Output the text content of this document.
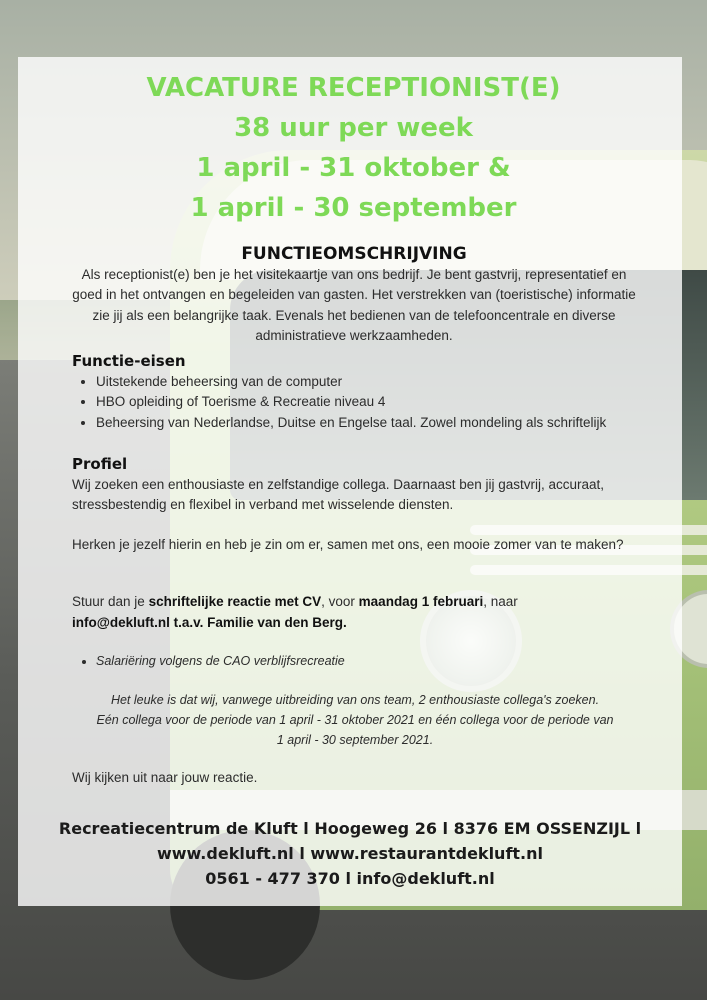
VACATURE RECEPTIONIST(E)
38 uur per week
1 april - 31 oktober &
1 april - 30 september
FUNCTIEOMSCHRIJVING
Als receptionist(e) ben je het visitekaartje van ons bedrijf. Je bent gastvrij, representatief en goed in het ontvangen en begeleiden van gasten. Het verstrekken van (toeristische) informatie zie jij als een belangrijke taak. Evenals het bedienen van de telefooncentrale en diverse administratieve werkzaamheden.
Functie-eisen
• Uitstekende beheersing van de computer
• HBO opleiding of Toerisme & Recreatie niveau 4
• Beheersing van Nederlandse, Duitse en Engelse taal. Zowel mondeling als schriftelijk
Profiel
Wij zoeken een enthousiaste en zelfstandige collega. Daarnaast ben jij gastvrij, accuraat, stressbestendig en flexibel in verband met wisselende diensten.
Herken je jezelf hierin en heb je zin om er, samen met ons, een mooie zomer van te maken?
Stuur dan je schriftelijke reactie met CV, voor maandag 1 februari, naar
info@dekluft.nl t.a.v. Familie van den Berg.
• Salariëring volgens de CAO verblijfsrecreatie
Het leuke is dat wij, vanwege uitbreiding van ons team, 2 enthousiaste collega's zoeken.
Eén collega voor de periode van 1 april - 31 oktober 2021 en één collega voor de periode van
1 april - 30 september 2021.
Wij kijken uit naar jouw reactie.
Recreatiecentrum de Kluft l Hoogeweg 26 l 8376 EM OSSENZIJL l
www.dekluft.nl l www.restaurantdekluft.nl
0561 - 477 370 l info@dekluft.nl
